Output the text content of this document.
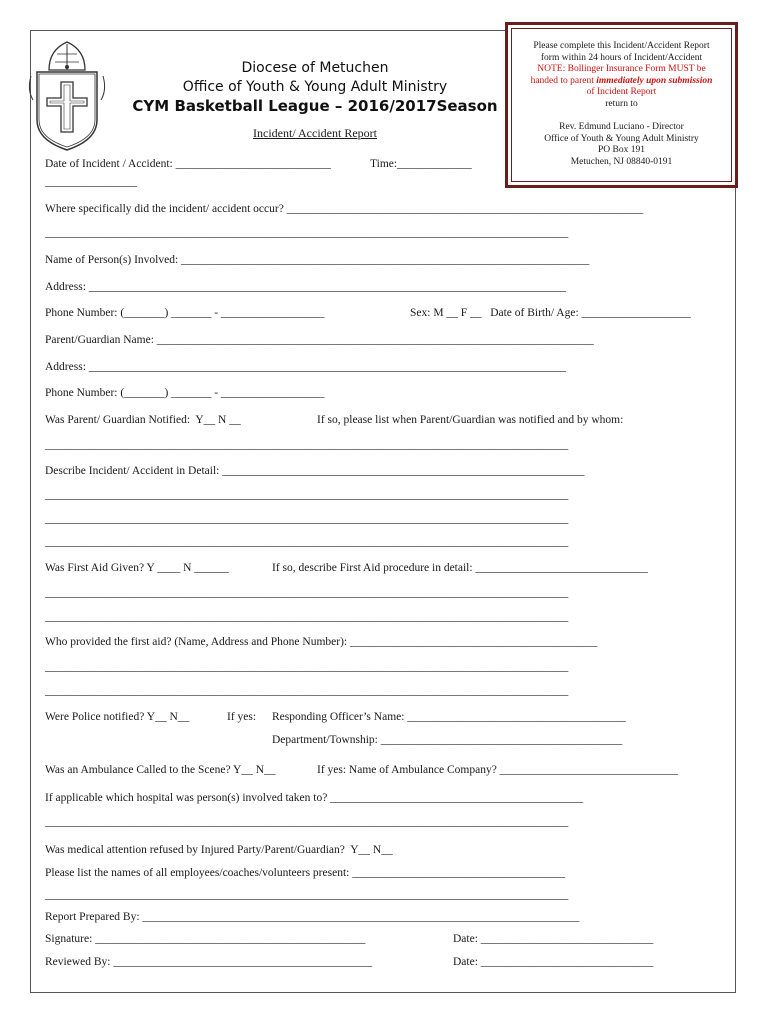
Diocese of Metuchen
Office of Youth & Young Adult Ministry
CYM Basketball League – 2016/2017Season
Incident/ Accident Report
Please complete this Incident/Accident Report
form within 24 hours of Incident/Accident
NOTE: Bollinger Insurance Form MUST be
handed to parent immediately upon submission
of Incident Report
return to
Rev. Edmund Luciano - Director
Office of Youth & Young Adult Ministry
PO Box 191
Metuchen, NJ 08840-0191
Date of Incident / Accident: ___________________________	Time:_____________
________________
Where specifically did the incident/ accident occur? ______________________________________________________________
___________________________________________________________________________________________
Name of Person(s) Involved: _______________________________________________________________________
Address: ___________________________________________________________________________________
Phone Number: (_______) _______ - __________________	Sex: M __ F __   Date of Birth/ Age: ___________________
Parent/Guardian Name: ____________________________________________________________________________
Address: ___________________________________________________________________________________
Phone Number: (_______) _______ - __________________
Was Parent/ Guardian Notified:  Y__ N __	If so, please list when Parent/Guardian was notified and by whom:
___________________________________________________________________________________________
Describe Incident/ Accident in Detail: _______________________________________________________________
___________________________________________________________________________________________
___________________________________________________________________________________________
___________________________________________________________________________________________
Was First Aid Given? Y ____ N ______	If so, describe First Aid procedure in detail: ______________________________
___________________________________________________________________________________________
___________________________________________________________________________________________
Who provided the first aid? (Name, Address and Phone Number): ___________________________________________
___________________________________________________________________________________________
___________________________________________________________________________________________
Were Police notified? Y__ N__	If yes: Responding Officer’s Name: ______________________________________
Department/Township: __________________________________________
Was an Ambulance Called to the Scene? Y__ N__	If yes: Name of Ambulance Company? _______________________________
If applicable which hospital was person(s) involved taken to? ____________________________________________
___________________________________________________________________________________________
Was medical attention refused by Injured Party/Parent/Guardian?  Y__ N__
Please list the names of all employees/coaches/volunteers present: _____________________________________
___________________________________________________________________________________________
Report Prepared By: ____________________________________________________________________________
Signature: _______________________________________________	Date: ______________________________
Reviewed By: _____________________________________________	Date: ______________________________
